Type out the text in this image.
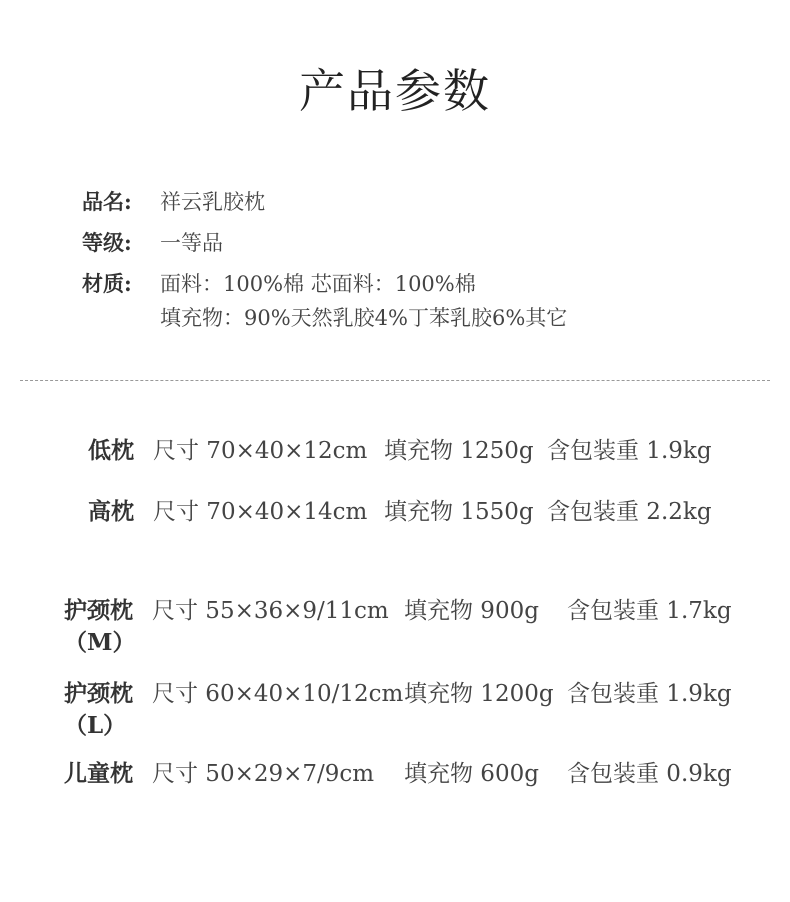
产品参数
品名: 祥云乳胶枕
等级: 一等品
材质: 面料：100%棉 芯面料：100%棉
填充物：90%天然乳胶4%丁苯乳胶6%其它
低枕 尺寸 70×40×12cm 填充物 1250g 含包装重 1.9kg
高枕 尺寸 70×40×14cm 填充物 1550g 含包装重 2.2kg
护颈枕
（M）
尺寸 55×36×9/11cm 填充物 900g 含包装重 1.7kg
护颈枕
（L）
尺寸 60×40×10/12cm 填充物 1200g 含包装重 1.9kg
儿童枕 尺寸 50×29×7/9cm 填充物 600g 含包装重 0.9kg
